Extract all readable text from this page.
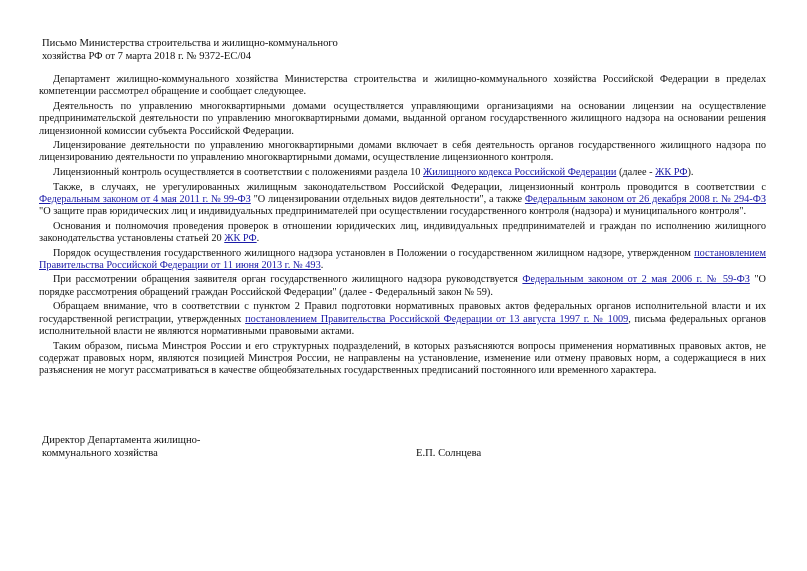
Письмо Министерства строительства и жилищно-коммунального
хозяйства РФ от 7 марта 2018 г. № 9372-ЕС/04

Департамент жилищно-коммунального хозяйства Министерства строительства и жилищно-коммунального хозяйства Российской Федерации в пределах компетенции рассмотрел обращение и сообщает следующее.

Деятельность по управлению многоквартирными домами осуществляется управляющими организациями на основании лицензии на осуществление предпринимательской деятельности по управлению многоквартирными домами, выданной органом государственного жилищного надзора на основании решения лицензионной комиссии субъекта Российской Федерации.

Лицензирование деятельности по управлению многоквартирными домами включает в себя деятельность органов государственного жилищного надзора по лицензированию деятельности по управлению многоквартирными домами, осуществление лицензионного контроля.

Лицензионный контроль осуществляется в соответствии с положениями раздела 10 Жилищного кодекса Российской Федерации (далее - ЖК РФ).

Также, в случаях, не урегулированных жилищным законодательством Российской Федерации, лицензионный контроль проводится в соответствии с Федеральным законом от 4 мая 2011 г. № 99-ФЗ "О лицензировании отдельных видов деятельности", а также Федеральным законом от 26 декабря 2008 г. № 294-ФЗ "О защите прав юридических лиц и индивидуальных предпринимателей при осуществлении государственного контроля (надзора) и муниципального контроля".

Основания и полномочия проведения проверок в отношении юридических лиц, индивидуальных предпринимателей и граждан по исполнению жилищного законодательства установлены статьей 20 ЖК РФ.

Порядок осуществления государственного жилищного надзора установлен в Положении о государственном жилищном надзоре, утвержденном постановлением Правительства Российской Федерации от 11 июня 2013 г. № 493.

При рассмотрении обращения заявителя орган государственного жилищного надзора руководствуется Федеральным законом от 2 мая 2006 г. № 59-ФЗ "О порядке рассмотрения обращений граждан Российской Федерации" (далее - Федеральный закон № 59).

Обращаем внимание, что в соответствии с пунктом 2 Правил подготовки нормативных правовых актов федеральных органов исполнительной власти и их государственной регистрации, утвержденных постановлением Правительства Российской Федерации от 13 августа 1997 г. № 1009, письма федеральных органов исполнительной власти не являются нормативными правовыми актами.

Таким образом, письма Минстроя России и его структурных подразделений, в которых разъясняются вопросы применения нормативных правовых актов, не содержат правовых норм, являются позицией Минстроя России, не направлены на установление, изменение или отмену правовых норм, а содержащиеся в них разъяснения не могут рассматриваться в качестве общеобязательных государственных предписаний постоянного или временного характера.

Директор Департамента жилищно-
коммунального хозяйства	Е.П. Солнцева
